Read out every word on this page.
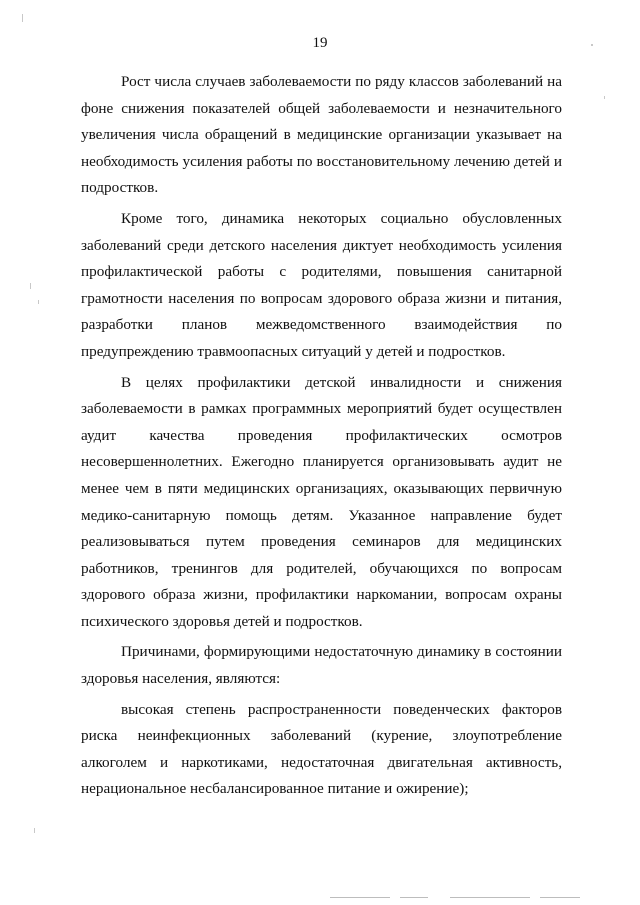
19

Рост числа случаев заболеваемости по ряду классов заболеваний на фоне снижения показателей общей заболеваемости и незначительного увеличения числа обращений в медицинские организации указывает на необходимость усиления работы по восстановительному лечению детей и подростков.

Кроме того, динамика некоторых социально обусловленных заболеваний среди детского населения диктует необходимость усиления профилактической работы с родителями, повышения санитарной грамотности населения по вопросам здорового образа жизни и питания, разработки планов межведомственного взаимодействия по предупреждению травмоопасных ситуаций у детей и подростков.

В целях профилактики детской инвалидности и снижения заболеваемости в рамках программных мероприятий будет осуществлен аудит качества проведения профилактических осмотров несовершеннолетних. Ежегодно планируется организовывать аудит не менее чем в пяти медицинских организациях, оказывающих первичную медико-санитарную помощь детям. Указанное направление будет реализовываться путем проведения семинаров для медицинских работников, тренингов для родителей, обучающихся по вопросам здорового образа жизни, профилактики наркомании, вопросам охраны психического здоровья детей и подростков.

Причинами, формирующими недостаточную динамику в состоянии здоровья населения, являются:

высокая степень распространенности поведенческих факторов риска неинфекционных заболеваний (курение, злоупотребление алкоголем и наркотиками, недостаточная двигательная активность, нерациональное несбалансированное питание и ожирение);
